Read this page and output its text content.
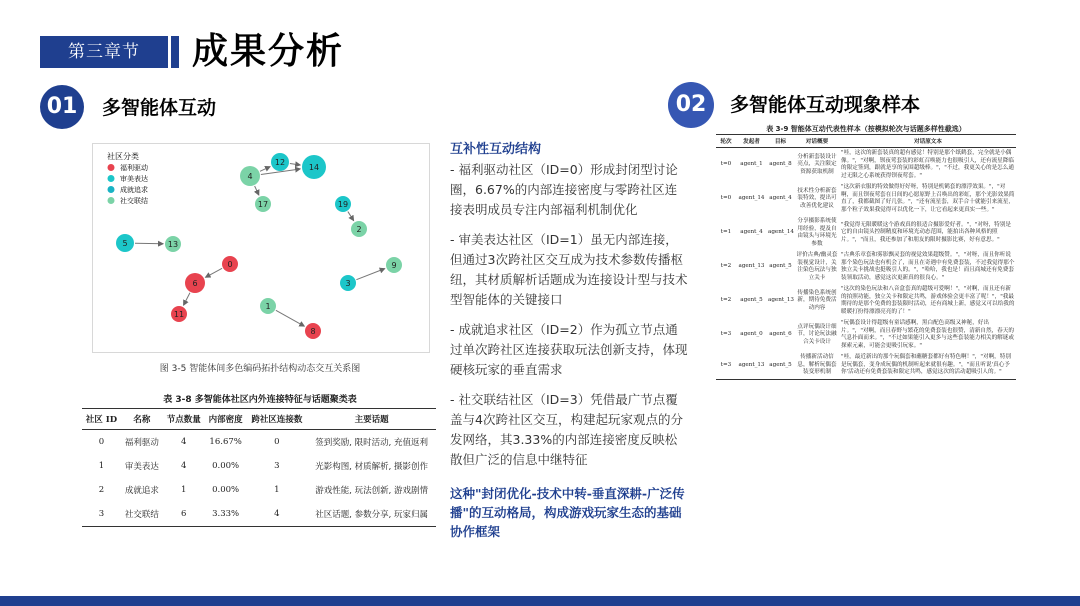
第三章节	成果分析
01	多智能体互动	02	多智能体互动现象样本
社区分类
福利驱动
审美表达
成就追求
社交联结
12
14
4
17	19
2
5	13
0
6
11
3
9
1
8
图 3-5 智能体间多色编码拓扑结构动态交互关系图
表 3-8 多智能体社区内外连接特征与话题聚类表
社区 ID	名称	节点数量	内部密度	跨社区连接数	主要话题
0	福利驱动	4	16.67%	0	签到奖励, 限时活动, 充值返利
1	审美表达	4	0.00%	3	光影构图, 材质解析, 摄影创作
2	成就追求	1	0.00%	1	游戏性能, 玩法创新, 游戏剧情
3	社交联结	6	3.33%	4	社区话题, 参数分享, 玩家归属
互补性互动结构

- 福利驱动社区（ID=0）形成封闭型讨论圈，6.67%的内部连接密度与零跨社区连接表明成员专注内部福利机制优化

- 审美表达社区（ID=1）虽无内部连接，但通过3次跨社区交互成为技术参数传播枢纽，其材质解析话题成为连接设计型与技术型智能体的关键接口

- 成就追求社区（ID=2）作为孤立节点通过单次跨社区连接获取玩法创新支持，体现硬核玩家的垂直需求

- 社交联结社区（ID=3）凭借最广节点覆盖与4次跨社区交互，构建起玩家观点的分发网络，其3.33%的内部连接密度反映松散但广泛的信息中继特征

这种"封闭优化-技术中转-垂直深耕-广泛传播"的互动格局，构成游戏玩家生态的基础协作框架
表 3-9 智能体互动代表性样本（按模拟轮次与话题多样性截选）
轮次	发起者	目标	对话概要	对话原文本
t=0	agent_1	agent_8	分析新套装设计亮点，关注限定资源获取机制	"哇，这次的新套装真的超有感觉！特别是那个纸鹤套，完全就是小偶像。"，"对啊，钡夜莺套装的彩虹召唤能力也很吸引人，还有流星降临的限定签到，跟就是享的氛围超级棒。"，"不过，我更关心的是怎么通过无限之心系统获得钡夜莺套。"
t=0	agent_14	agent_4	技术性分析新套装特效，提出可改善优化建议	"这次新衣服的特效做得好好呀，特别是机鹤套的漂浮效果。"，"对啊，而且钡夜莺套在日间的心愿原野上召唤出的彩虹，那个光影效果简直了，我都截图了好几张。"，"还有流星套，双手合十就能引来流星，那个粒子效果我觉得可以优化一下，让它看起来更真实一些。"
t=1	agent_4	agent_14	分享摄影系统使用经验，提及自由镜头与环境光参数	"我觉得无限暖暖这个游戏真的很适合摄影爱好者。"，"对呀，特别是它的自由镜头控制精度和环境光动态范围，能拍出各种风格的照片。"，"而且，我还参加了和朋友的限时摄影比赛，好有意思。"
t=2	agent_13	agent_5	评价古典/幽灵套装视觉设计，关注染色玩法与独立关卡	"古典乐章套和雾影飘灵套的视觉效果超级赞。"，"对呀，而且你听说那个染色玩法也有机会了，而且在奇遇中有免费套装，不过我觉得那个独立关卡挑战也挺吸引人的。"，"哈哈，我也是！而且商城还有免费套装领取活动，感觉这次更新真的很良心。"
t=2	agent_5	agent_13	传播染色系统创新，期待免费活动内容	"这次的染色玩法和八音盒套真的超级可爱啊！"，"对啊，而且还有新的拍照功能，独立关卡和限定共鸣，游戏体验会更丰富了呢！"，"我最期待的是那个免费的套装限时活动，还有商城上新，感觉又可以给我的暖暖打扮得漂漂亮亮的了！"
t=3	agent_0	agent_6	点评玩偶设计细节，讨论玩法融合关卡设计	"玩偶套设计得超级有童话感啊，黑白配色高级又神秘，好出片。"，"对啊，而且春野与繁花的免费套装也很赞，清新自然，春天的气息扑面而来。"，"不过如果能引入更多与这些套装能力相关的解谜或探索元素，可能会更吸引玩家。"
t=3	agent_13	agent_5	传播新活动信息，解析玩偶套装变形机制	"哇，最近新出的那个玩偶套和蘸糖套都好有特色啊！"，"对啊，特别是玩偶套，变身成玩偶的机制听起来就很有趣。"，"而且听说'真心予你'活动还有免费套装和限定共鸣，感觉这次的活动超吸引人的。"
